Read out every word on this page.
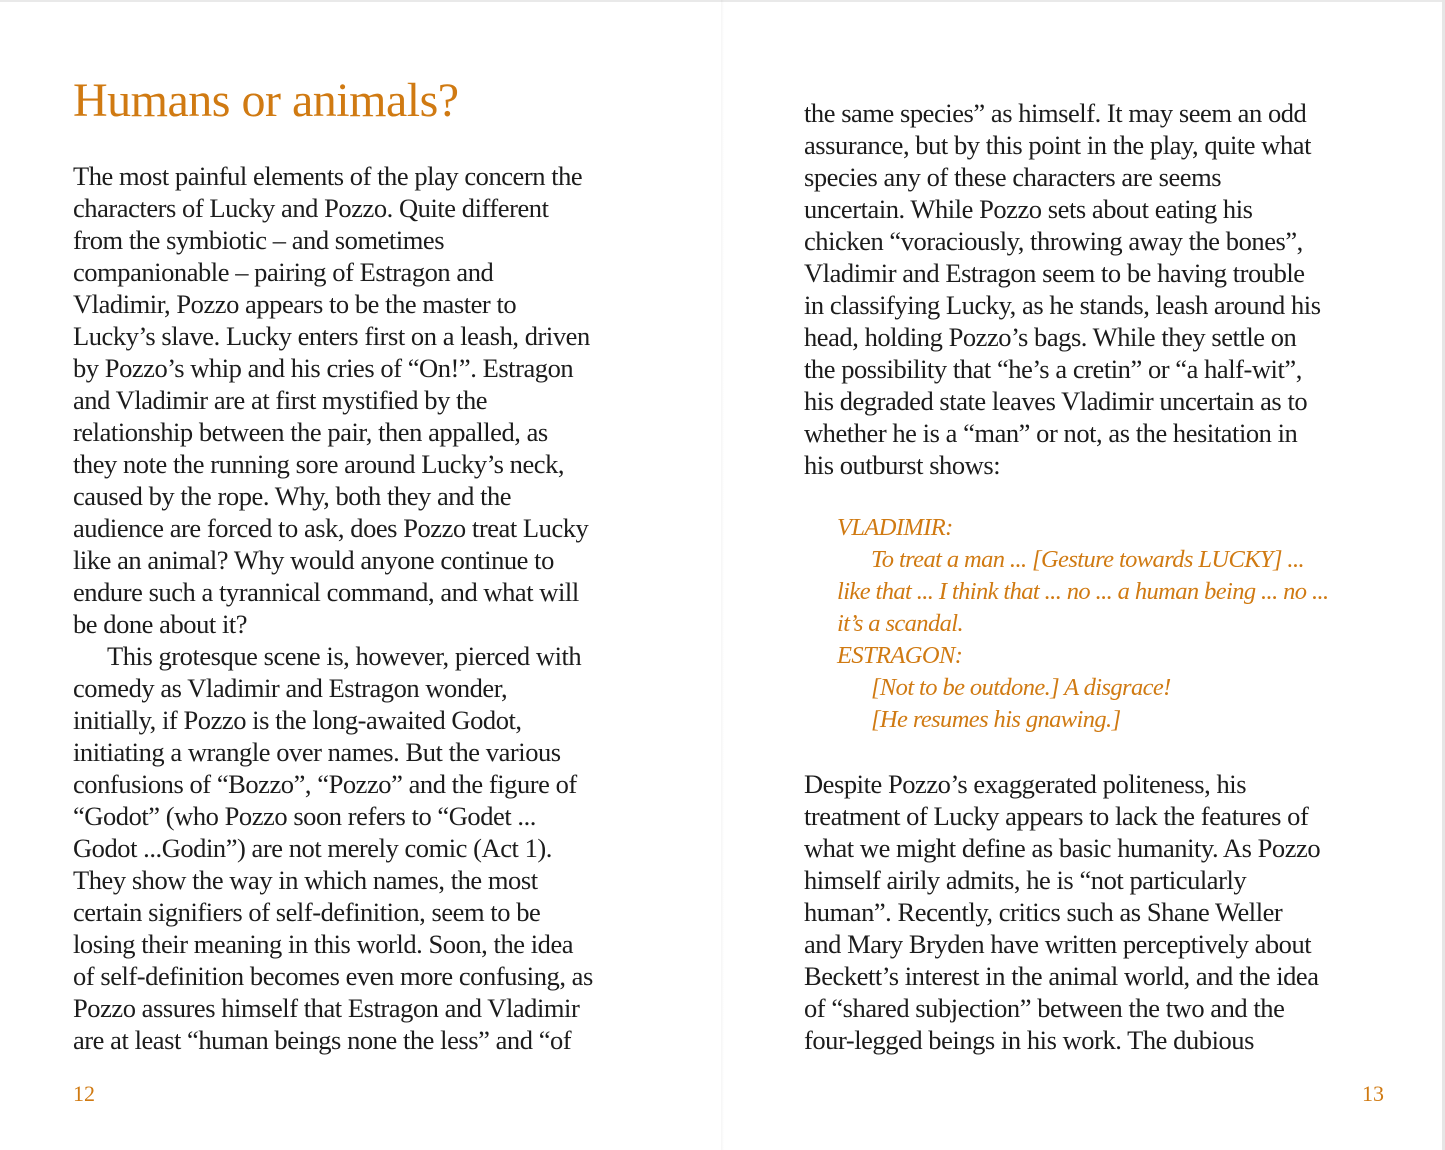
Humans or animals?
The most painful elements of the play concern the
characters of Lucky and Pozzo. Quite different
from the symbiotic – and sometimes
companionable – pairing of Estragon and
Vladimir, Pozzo appears to be the master to
Lucky’s slave. Lucky enters first on a leash, driven
by Pozzo’s whip and his cries of “On!”. Estragon
and Vladimir are at first mystified by the
relationship between the pair, then appalled, as
they note the running sore around Lucky’s neck,
caused by the rope. Why, both they and the
audience are forced to ask, does Pozzo treat Lucky
like an animal? Why would anyone continue to
endure such a tyrannical command, and what will
be done about it?
This grotesque scene is, however, pierced with
comedy as Vladimir and Estragon wonder,
initially, if Pozzo is the long-awaited Godot,
initiating a wrangle over names. But the various
confusions of “Bozzo”, “Pozzo” and the figure of
“Godot” (who Pozzo soon refers to “Godet ...
Godot ...Godin”) are not merely comic (Act 1).
They show the way in which names, the most
certain signifiers of self-definition, seem to be
losing their meaning in this world. Soon, the idea
of self-definition becomes even more confusing, as
Pozzo assures himself that Estragon and Vladimir
are at least “human beings none the less” and “of
12
the same species” as himself. It may seem an odd
assurance, but by this point in the play, quite what
species any of these characters are seems
uncertain. While Pozzo sets about eating his
chicken “voraciously, throwing away the bones”,
Vladimir and Estragon seem to be having trouble
in classifying Lucky, as he stands, leash around his
head, holding Pozzo’s bags. While they settle on
the possibility that “he’s a cretin” or “a half-wit”,
his degraded state leaves Vladimir uncertain as to
whether he is a “man” or not, as the hesitation in
his outburst shows:
VLADIMIR:
To treat a man ... [Gesture towards LUCKY] ...
like that ... I think that ... no ... a human being ... no ...
it’s a scandal.
ESTRAGON:
[Not to be outdone.] A disgrace!
[He resumes his gnawing.]
Despite Pozzo’s exaggerated politeness, his
treatment of Lucky appears to lack the features of
what we might define as basic humanity. As Pozzo
himself airily admits, he is “not particularly
human”. Recently, critics such as Shane Weller
and Mary Bryden have written perceptively about
Beckett’s interest in the animal world, and the idea
of “shared subjection” between the two and the
four-legged beings in his work. The dubious
13
